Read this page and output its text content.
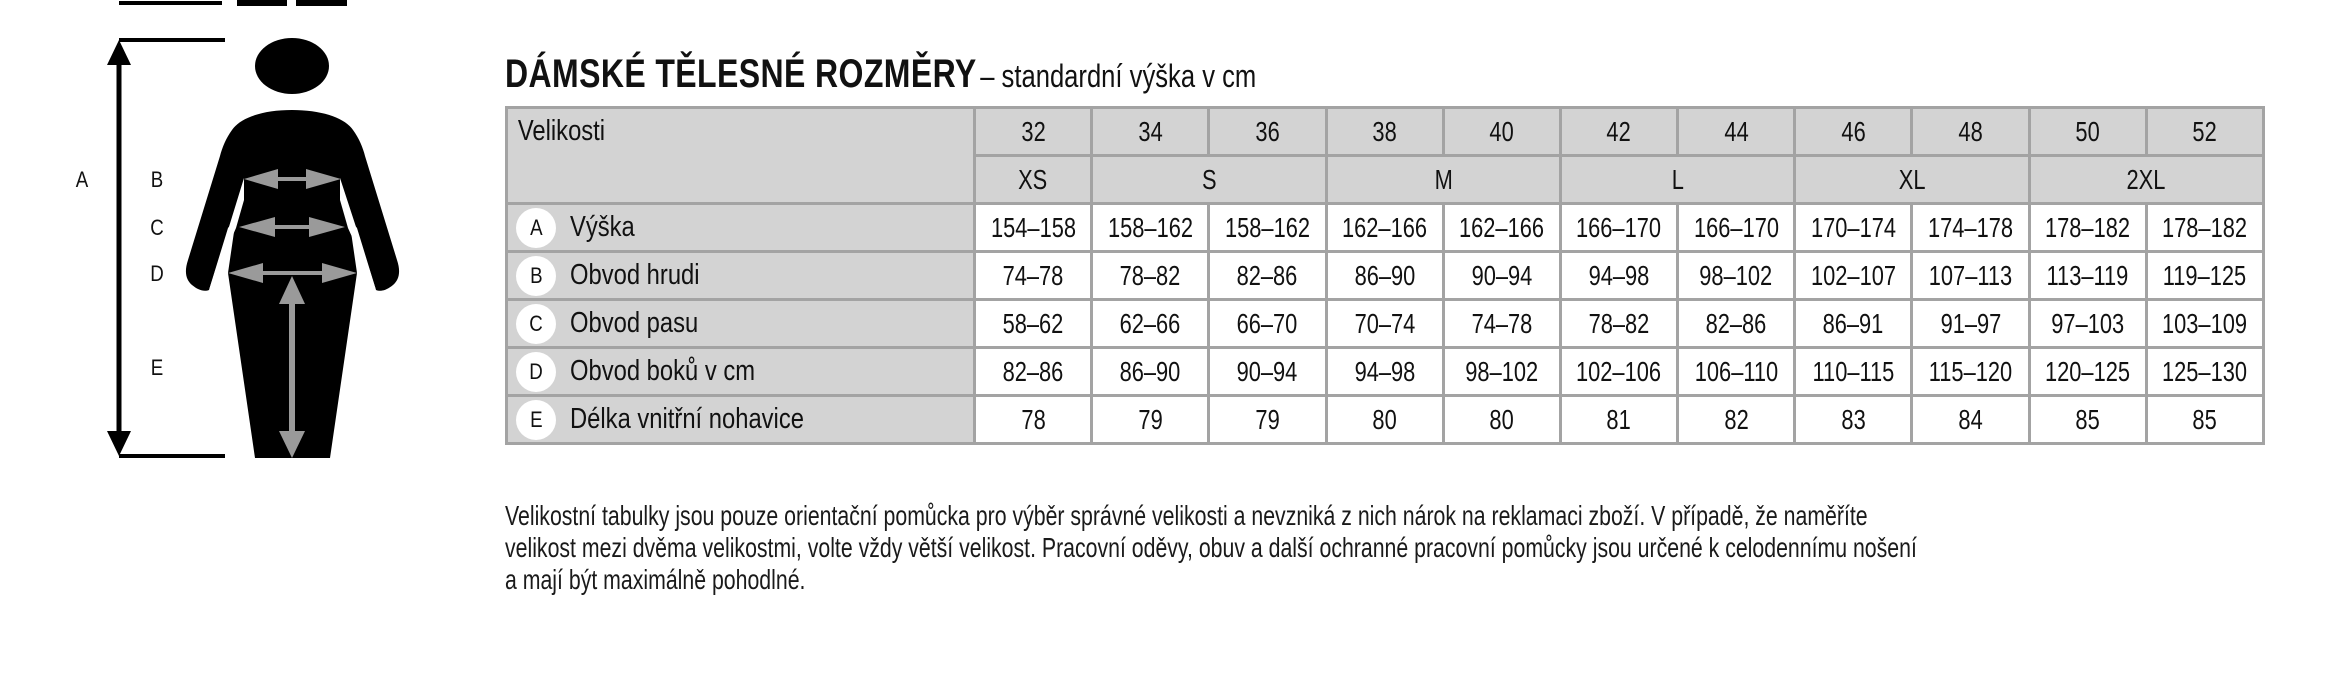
A	B
C
D
E
DÁMSKÉ TĚLESNÉ ROZMĚRY – standardní výška v cm
Velikosti	32	34	36	38	40	42	44	46	48	50	52
	XS	S		M		L		XL		2XL	

A Výška	154–158	158–162	158–162	162–166	162–166	166–170	166–170	170–174	174–178	178–182	178–182

B Obvod hrudi	74–78	78–82	82–86	86–90	90–94	94–98	98–102	102–107	107–113	113–119	119–125

C Obvod pasu	58–62	62–66	66–70	70–74	74–78	78–82	82–86	86–91	91–97	97–103	103–109

D Obvod boků v cm	82–86	86–90	90–94	94–98	98–102	102–106	106–110	110–115	115–120	120–125	125–130

E Délka vnitřní nohavice	78	79	79	80	80	81	82	83	84	85	85

Velikostní tabulky jsou pouze orientační pomůcka pro výběr správné velikosti a nevzniká z nich nárok na reklamaci zboží. V případě, že naměříte

velikost mezi dvěma velikostmi, volte vždy větší velikost. Pracovní oděvy, obuv a další ochranné pracovní pomůcky jsou určené k celodennímu nošení

a mají být maximálně pohodlné.
